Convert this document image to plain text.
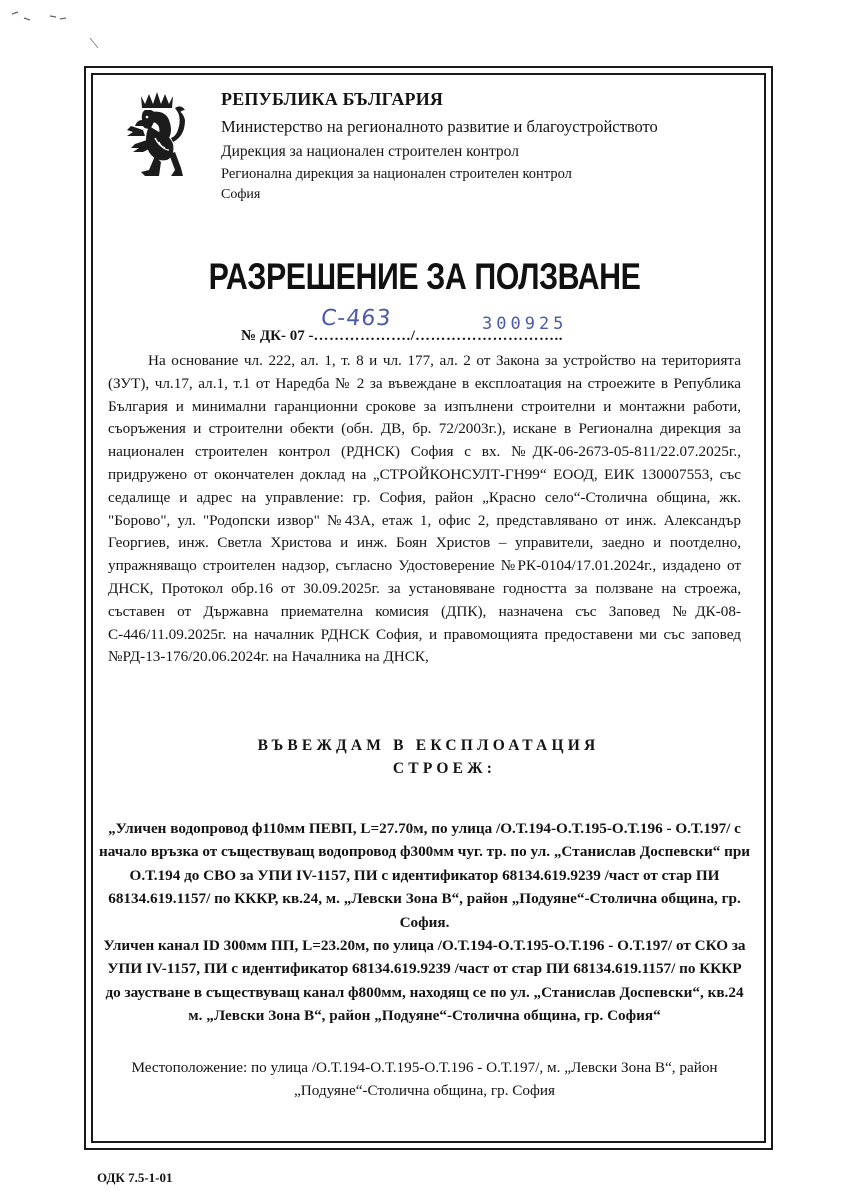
РЕПУБЛИКА БЪЛГАРИЯ
Министерство на регионалното развитие и благоустройството
Дирекция за национален строителен контрол
Регионална дирекция за национален строителен контрол
София
РАЗРЕШЕНИЕ ЗА ПОЛЗВАНЕ
№ ДК- 07 -………………./………………………..
С-463	300925

На основание чл. 222, ал. 1, т. 8 и чл. 177, ал. 2 от Закона за устройство на територията (ЗУТ), чл.17, ал.1, т.1 от Наредба № 2 за въвеждане в експлоатация на строежите в Република България и минимални гаранционни срокове за изпълнени строителни и монтажни работи, съоръжения и строителни обекти (обн. ДВ, бр. 72/2003г.), искане в Регионална дирекция за национален строителен контрол (РДНСК) София с вх. №ДК-06-2673-05-811/22.07.2025г., придружено от окончателен доклад на „СТРОЙКОНСУЛТ-ГН99“ ЕООД, ЕИК 130007553, със седалище и адрес на управление: гр. София, район „Красно село“-Столична община, жк. "Борово", ул. "Родопски извор" №43А, етаж 1, офис 2, представлявано от инж. Александър Георгиев, инж. Светла Христова и инж. Боян Христов – управители, заедно и поотделно, упражняващо строителен надзор, съгласно Удостоверение №РК-0104/17.01.2024г., издадено от ДНСК, Протокол обр.16 от 30.09.2025г. за установяване годността за ползване на строежа, съставен от Държавна приемателна комисия (ДПК), назначена със Заповед №ДК-08-С-446/11.09.2025г. на началник РДНСК София, и правомощията предоставени ми със заповед №РД-13-176/20.06.2024г. на Началника на ДНСК,

ВЪВЕЖДАМ В ЕКСПЛОАТАЦИЯ
СТРОЕЖ:

„Уличен водопровод ф110мм ПЕВП, L=27.70м, по улица /О.Т.194-О.Т.195-О.Т.196 - О.Т.197/ с начало връзка от съществуващ водопровод ф300мм чуг. тр. по ул. „Станислав Доспевски“ при О.Т.194 до СВО за УПИ IV-1157, ПИ с идентификатор 68134.619.9239 /част от стар ПИ 68134.619.1157/ по КККР, кв.24, м. „Левски Зона В“, район „Подуяне“-Столична община, гр. София.

Уличен канал ID 300мм ПП, L=23.20м, по улица /О.Т.194-О.Т.195-О.Т.196 - О.Т.197/ от СКО за УПИ IV-1157, ПИ с идентификатор 68134.619.9239 /част от стар ПИ 68134.619.1157/ по КККР до заустване в съществуващ канал ф800мм, находящ се по ул. „Станислав Доспевски“, кв.24 м. „Левски Зона В“, район „Подуяне“-Столична община, гр. София“

Местоположение: по улица /О.Т.194-О.Т.195-О.Т.196 - О.Т.197/, м. „Левски Зона В“, район „Подуяне“-Столична община, гр. София

ОДК 7.5-1-01
